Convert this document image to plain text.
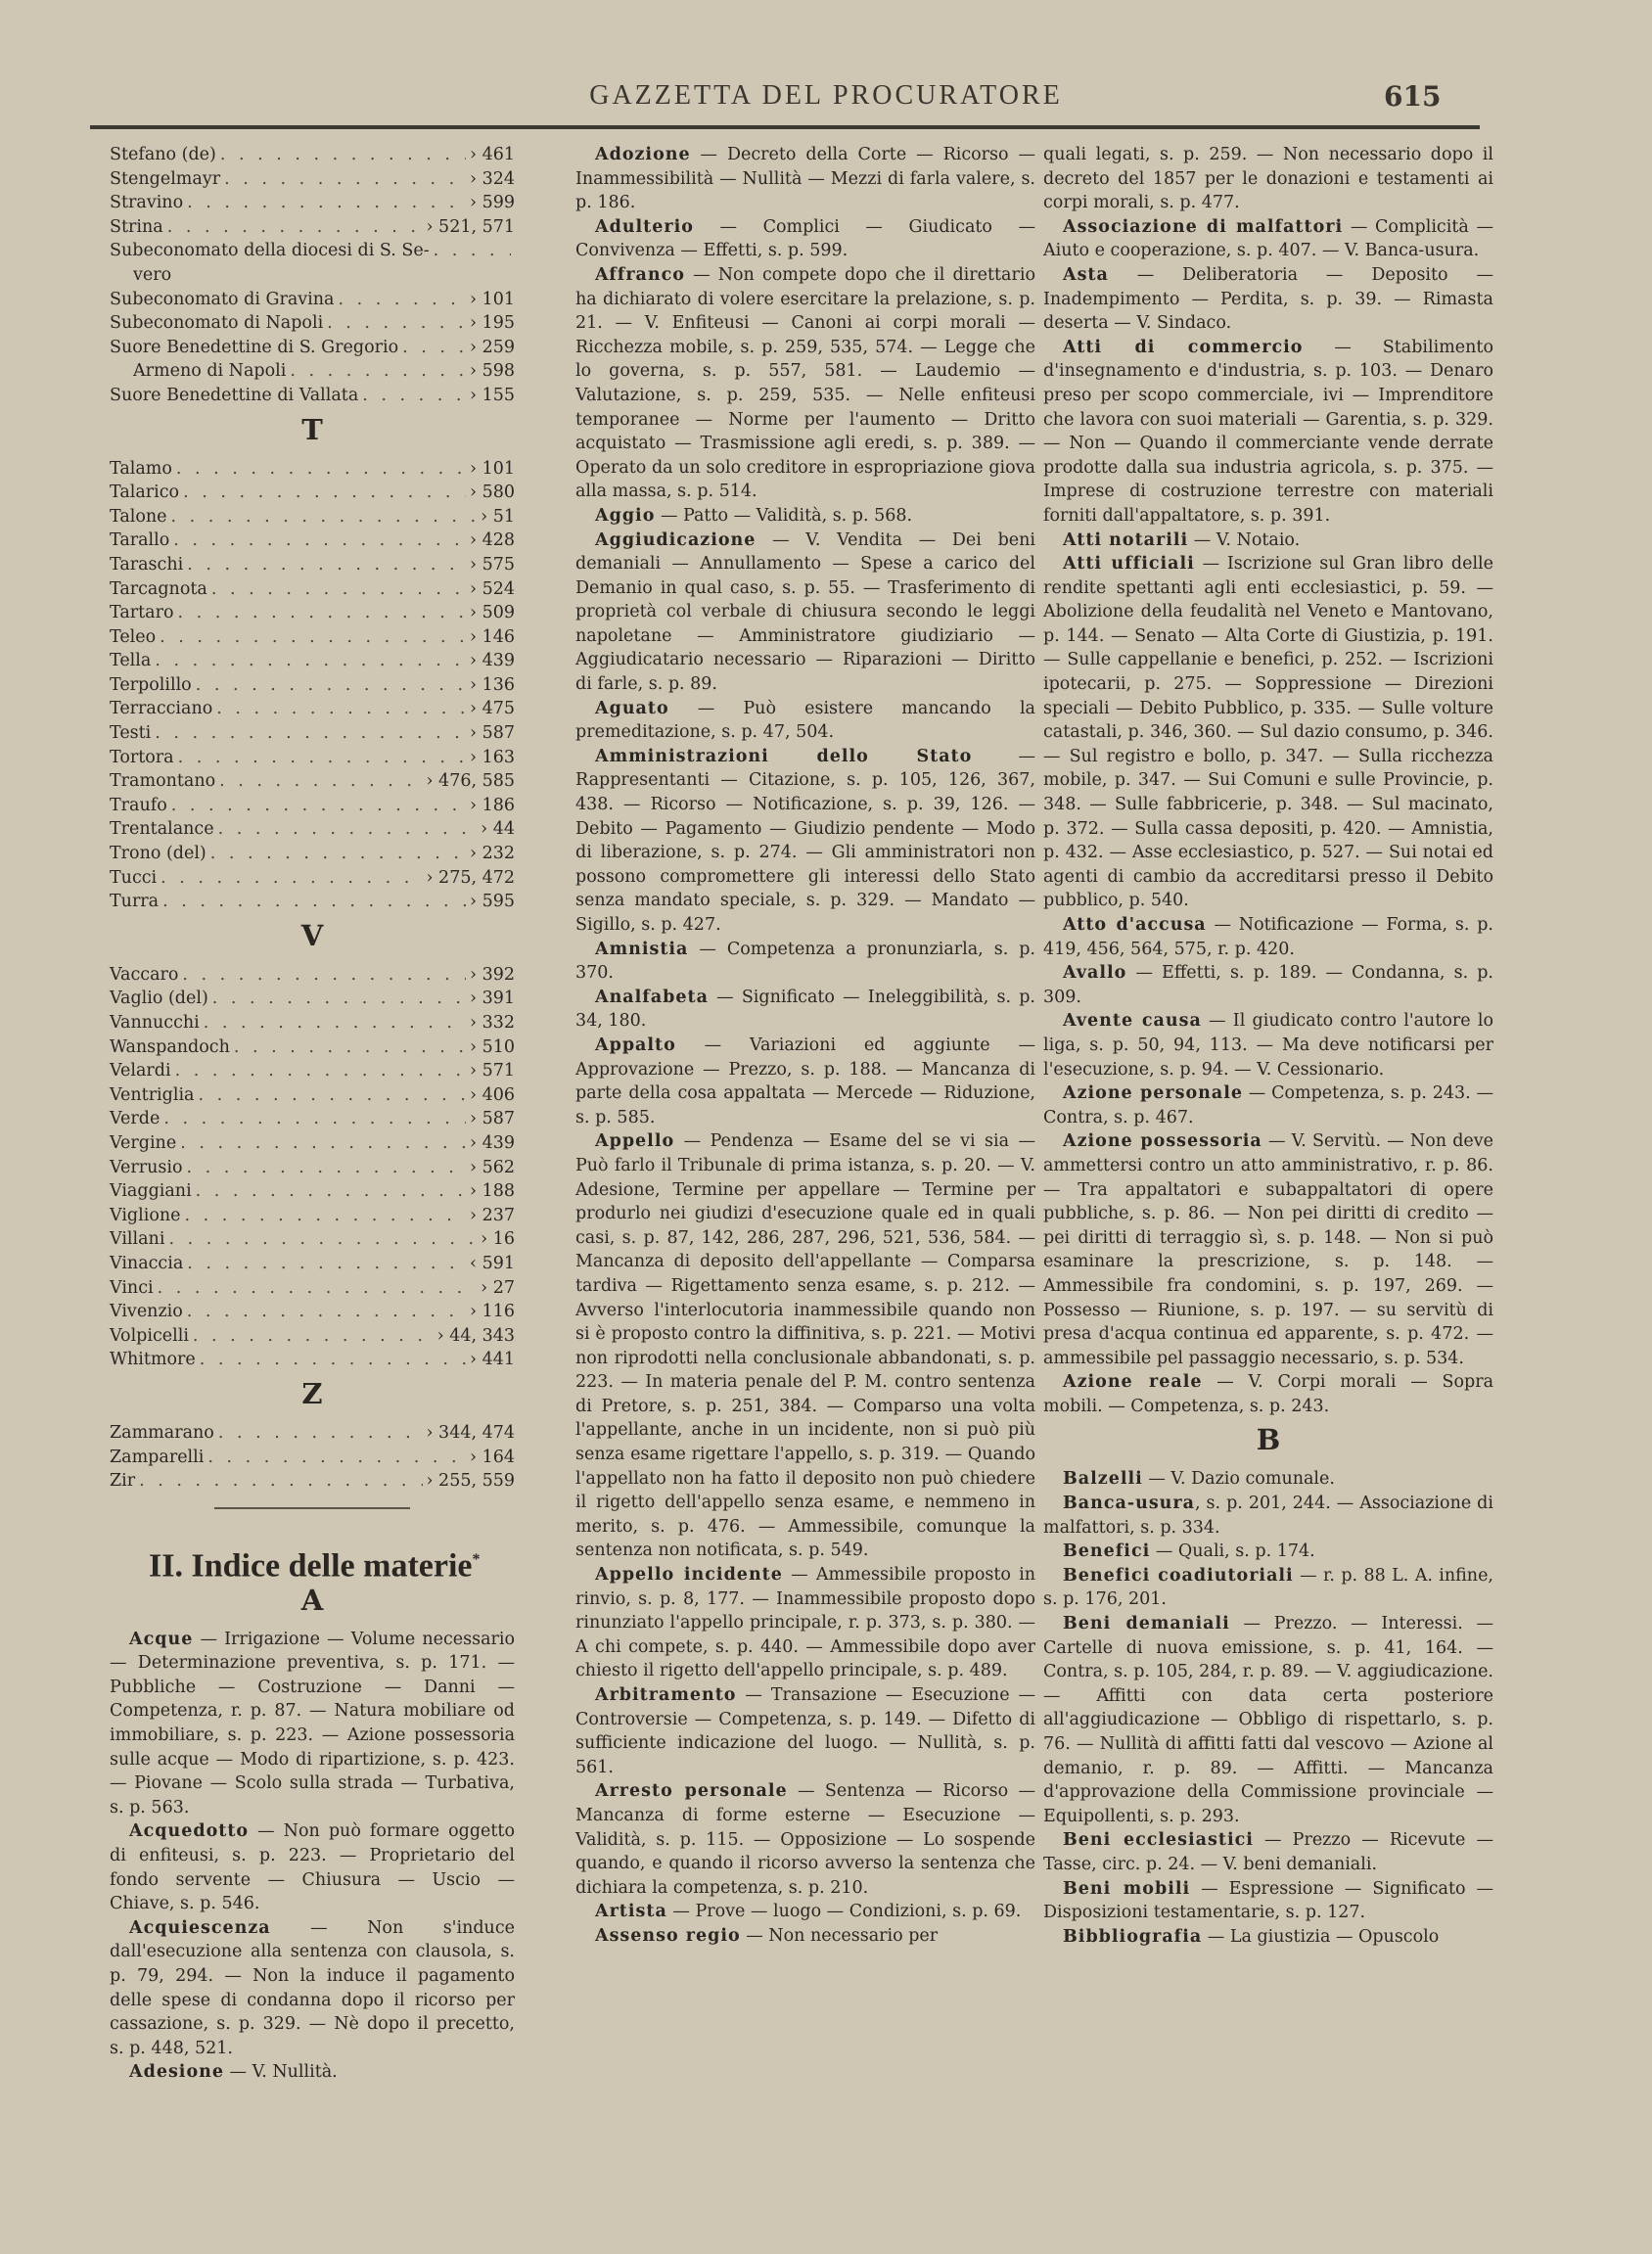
GAZZETTA DEL PROCURATORE	615
Stefano (de) . . .	› 461
Stengelmayr . . .	› 324
Stravino . . .	› 599
Strina . . .	› 521, 571
Subeconomato della diocesi di S. Se-
. . .
vero
Subeconomato di Gravina . . .	› 101
Subeconomato di Napoli . . .	› 195
Suore Benedettine di S. Gregorio . . .	› 259
Armeno di Napoli . . .	› 598
Suore Benedettine di Vallata . . .	› 155
T
Talamo . . .	› 101
Talarico . . .	› 580
Talone . . .	› 51
Tarallo . . .	› 428
Taraschi . . .	› 575
Tarcagnota . . .	› 524
Tartaro . . .	› 509
Teleo . . .	› 146
Tella . . .	› 439
Terpolillo . . .	› 136
Terracciano . . .	› 475
Testi . . .	› 587
Tortora . . .	› 163
Tramontano . . .	› 476, 585
Traufo . . .	› 186
Trentalance . . .	› 44
Trono (del) . . .	› 232
Tucci . . .	› 275, 472
Turra . . .	› 595
V
Vaccaro . . .	› 392
Vaglio (del) . . .	› 391
Vannucchi . . .	› 332
Wanspandoch . . .	› 510
Velardi . . .	› 571
Ventriglia . . .	› 406
Verde . . .	› 587
Vergine . . .	› 439
Verrusio . . .	› 562
Viaggiani . . .	› 188
Viglione . . .	› 237
Villani . . .	› 16
Vinaccia . . .	‹ 591
Vinci . . .	› 27
Vivenzio . . .	› 116
Volpicelli . . .	› 44, 343
Whitmore . . .	› 441
Z
Zammarano . . .	› 344, 474
Zamparelli . . .	› 164
Zir . . .	› 255, 559
II. Indice delle materie*
A

Acque — Irrigazione — Volume necessario — Determinazione preventiva, s. p. 171. — Pubbliche — Costruzione — Danni — Competenza, r. p. 87. — Natura mobiliare od immobiliare, s. p. 223. — Azione possessoria sulle acque — Modo di ripartizione, s. p. 423. — Piovane — Scolo sulla strada — Turbativa, s. p. 563.

Acquedotto — Non può formare oggetto di enfiteusi, s. p. 223. — Proprietario del fondo servente — Chiusura — Uscio — Chiave, s. p. 546.

Acquiescenza — Non s'induce dall'esecuzione alla sentenza con clausola, s. p. 79, 294. — Non la induce il pagamento delle spese di condanna dopo il ricorso per cassazione, s. p. 329. — Nè dopo il precetto, s. p. 448, 521.

Adesione — V. Nullità.

Adozione — Decreto della Corte — Ricorso — Inammessibilità — Nullità — Mezzi di farla valere, s. p. 186.

Adulterio — Complici — Giudicato — Convivenza — Effetti, s. p. 599.

Affranco — Non compete dopo che il direttario ha dichiarato di volere esercitare la prelazione, s. p. 21. — V. Enfiteusi — Canoni ai corpi morali — Ricchezza mobile, s. p. 259, 535, 574. — Legge che lo governa, s. p. 557, 581. — Laudemio — Valutazione, s. p. 259, 535. — Nelle enfiteusi temporanee — Norme per l'aumento — Dritto acquistato — Trasmissione agli eredi, s. p. 389. — Operato da un solo creditore in espropriazione giova alla massa, s. p. 514.

Aggio — Patto — Validità, s. p. 568.

Aggiudicazione — V. Vendita — Dei beni demaniali — Annullamento — Spese a carico del Demanio in qual caso, s. p. 55. — Trasferimento di proprietà col verbale di chiusura secondo le leggi napoletane — Amministratore giudiziario — Aggiudicatario necessario — Riparazioni — Diritto di farle, s. p. 89.

Aguato — Può esistere mancando la premeditazione, s. p. 47, 504.

Amministrazioni dello Stato — Rappresentanti — Citazione, s. p. 105, 126, 367, 438. — Ricorso — Notificazione, s. p. 39, 126. — Debito — Pagamento — Giudizio pendente — Modo di liberazione, s. p. 274. — Gli amministratori non possono compromettere gli interessi dello Stato senza mandato speciale, s. p. 329. — Mandato — Sigillo, s. p. 427.

Amnistia — Competenza a pronunziarla, s. p. 370.

Analfabeta — Significato — Ineleggibilità, s. p. 34, 180.

Appalto — Variazioni ed aggiunte — Approvazione — Prezzo, s. p. 188. — Mancanza di parte della cosa appaltata — Mercede — Riduzione, s. p. 585.

Appello — Pendenza — Esame del se vi sia — Può farlo il Tribunale di prima istanza, s. p. 20. — V. Adesione, Termine per appellare — Termine per produrlo nei giudizi d'esecuzione quale ed in quali casi, s. p. 87, 142, 286, 287, 296, 521, 536, 584. — Mancanza di deposito dell'appellante — Comparsa tardiva — Rigettamento senza esame, s. p. 212. — Avverso l'interlocutoria inammessibile quando non si è proposto contro la diffinitiva, s. p. 221. — Motivi non riprodotti nella conclusionale abbandonati, s. p. 223. — In materia penale del P. M. contro sentenza di Pretore, s. p. 251, 384. — Comparso una volta l'appellante, anche in un incidente, non si può più senza esame rigettare l'appello, s. p. 319. — Quando l'appellato non ha fatto il deposito non può chiedere il rigetto dell'appello senza esame, e nemmeno in merito, s. p. 476. — Ammessibile, comunque la sentenza non notificata, s. p. 549.

Appello incidente — Ammessibile proposto in rinvio, s. p. 8, 177. — Inammessibile proposto dopo rinunziato l'appello principale, r. p. 373, s. p. 380. — A chi compete, s. p. 440. — Ammessibile dopo aver chiesto il rigetto dell'appello principale, s. p. 489.

Arbitramento — Transazione — Esecuzione — Controversie — Competenza, s. p. 149. — Difetto di sufficiente indicazione del luogo. — Nullità, s. p. 561.

Arresto personale — Sentenza — Ricorso — Mancanza di forme esterne — Esecuzione — Validità, s. p. 115. — Opposizione — Lo sospende quando, e quando il ricorso avverso la sentenza che dichiara la competenza, s. p. 210.

Artista — Prove — luogo — Condizioni, s. p. 69.

Assenso regio — Non necessario per

quali legati, s. p. 259. — Non necessario dopo il decreto del 1857 per le donazioni e testamenti ai corpi morali, s. p. 477.

Associazione di malfattori — Complicità — Aiuto e cooperazione, s. p. 407. — V. Banca-usura.

Asta — Deliberatoria — Deposito — Inadempimento — Perdita, s. p. 39. — Rimasta deserta — V. Sindaco.

Atti di commercio — Stabilimento d'insegnamento e d'industria, s. p. 103. — Denaro preso per scopo commerciale, ivi — Imprenditore che lavora con suoi materiali — Garentia, s. p. 329. — Non — Quando il commerciante vende derrate prodotte dalla sua industria agricola, s. p. 375. — Imprese di costruzione terrestre con materiali forniti dall'appaltatore, s. p. 391.

Atti notarili — V. Notaio.

Atti ufficiali — Iscrizione sul Gran libro delle rendite spettanti agli enti ecclesiastici, p. 59. — Abolizione della feudalità nel Veneto e Mantovano, p. 144. — Senato — Alta Corte di Giustizia, p. 191. — Sulle cappellanie e benefici, p. 252. — Iscrizioni ipotecarii, p. 275. — Soppressione — Direzioni speciali — Debito Pubblico, p. 335. — Sulle volture catastali, p. 346, 360. — Sul dazio consumo, p. 346. — Sul registro e bollo, p. 347. — Sulla ricchezza mobile, p. 347. — Sui Comuni e sulle Provincie, p. 348. — Sulle fabbricerie, p. 348. — Sul macinato, p. 372. — Sulla cassa depositi, p. 420. — Amnistia, p. 432. — Asse ecclesiastico, p. 527. — Sui notai ed agenti di cambio da accreditarsi presso il Debito pubblico, p. 540.

Atto d'accusa — Notificazione — Forma, s. p. 419, 456, 564, 575, r. p. 420.

Avallo — Effetti, s. p. 189. — Condanna, s. p. 309.

Avente causa — Il giudicato contro l'autore lo liga, s. p. 50, 94, 113. — Ma deve notificarsi per l'esecuzione, s. p. 94. — V. Cessionario.

Azione personale — Competenza, s. p. 243. — Contra, s. p. 467.

Azione possessoria — V. Servitù. — Non deve ammettersi contro un atto amministrativo, r. p. 86. — Tra appaltatori e subappaltatori di opere pubbliche, s. p. 86. — Non pei diritti di credito — pei diritti di terraggio sì, s. p. 148. — Non si può esaminare la prescrizione, s. p. 148. — Ammessibile fra condomini, s. p. 197, 269. — Possesso — Riunione, s. p. 197. — su servitù di presa d'acqua continua ed apparente, s. p. 472. — ammessibile pel passaggio necessario, s. p. 534.

Azione reale — V. Corpi morali — Sopra mobili. — Competenza, s. p. 243.

B

Balzelli — V. Dazio comunale.

Banca-usura, s. p. 201, 244. — Associazione di malfattori, s. p. 334.

Benefici — Quali, s. p. 174.

Benefici coadiutoriali — r. p. 88 L. A. infine, s. p. 176, 201.

Beni demaniali — Prezzo. — Interessi. — Cartelle di nuova emissione, s. p. 41, 164. — Contra, s. p. 105, 284, r. p. 89. — V. aggiudicazione. — Affitti con data certa posteriore all'aggiudicazione — Obbligo di rispettarlo, s. p. 76. — Nullità di affitti fatti dal vescovo — Azione al demanio, r. p. 89. — Affitti. — Mancanza d'approvazione della Commissione provinciale — Equipollenti, s. p. 293.

Beni ecclesiastici — Prezzo — Ricevute — Tasse, circ. p. 24. — V. beni demaniali.

Beni mobili — Espressione — Significato — Disposizioni testamentarie, s. p. 127.

Bibbliografia — La giustizia — Opuscolo
